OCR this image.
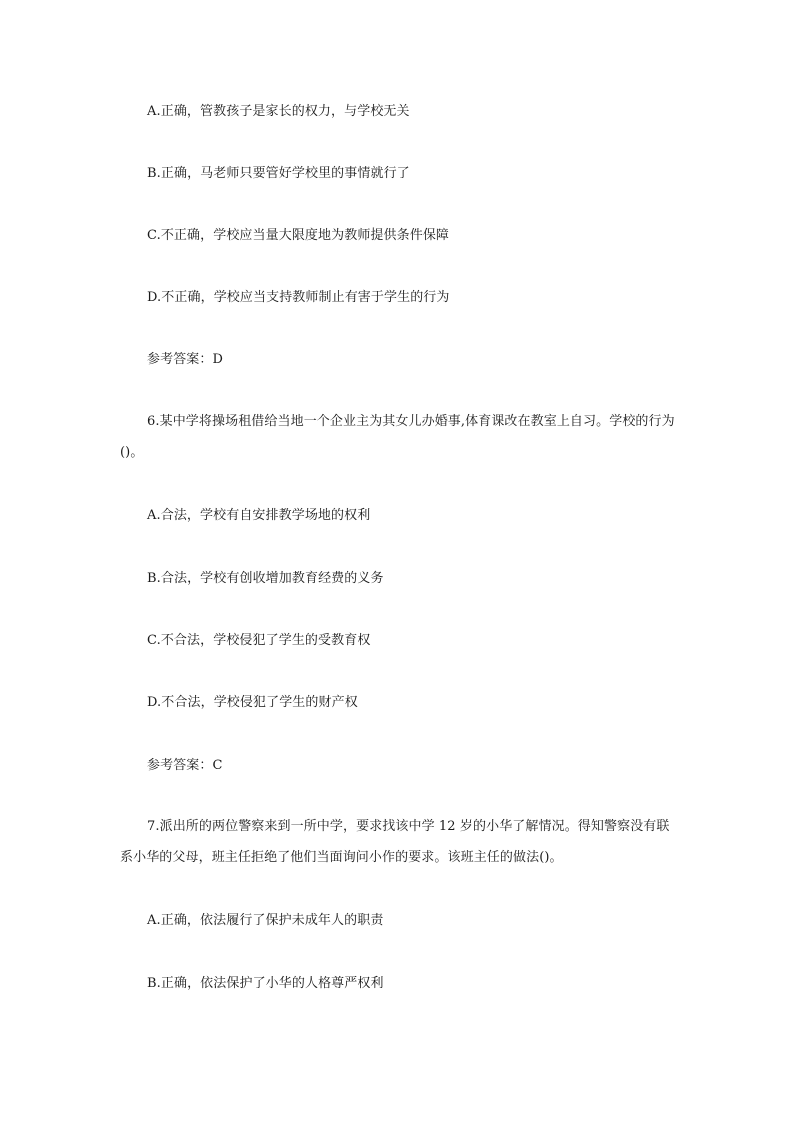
A.正确，管教孩子是家长的权力，与学校无关
B.正确，马老师只要管好学校里的事情就行了
C.不正确，学校应当量大限度地为教师提供条件保障
D.不正确，学校应当支持教师制止有害于学生的行为
参考答案：D
6.某中学将操场租借给当地一个企业主为其女儿办婚事,体育课改在教室上自习。学校的行为()。
A.合法，学校有自安排教学场地的权利
B.合法，学校有创收增加教育经费的义务
C.不合法，学校侵犯了学生的受教育权
D.不合法，学校侵犯了学生的财产权
参考答案：C
7.派出所的两位警察来到一所中学，要求找该中学 12 岁的小华了解情况。得知警察没有联系小华的父母，班主任拒绝了他们当面询问小作的要求。该班主任的做法()。
A.正确，依法履行了保护未成年人的职责
B.正确，依法保护了小华的人格尊严权利
